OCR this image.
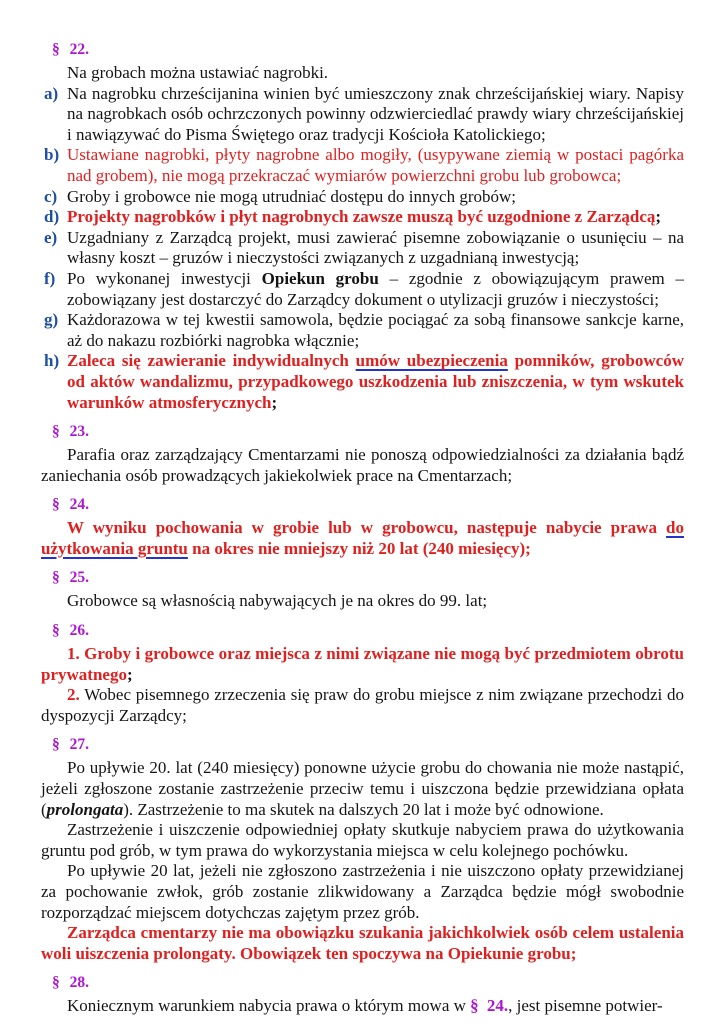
§ 22.

Na grobach można ustawiać nagrobki.

a) Na nagrobku chrześcijanina winien być umieszczony znak chrześcijańskiej wiary. Napisy na nagrobkach osób ochrzczonych powinny odzwierciedlać prawdy wiary chrześcijańskiej i nawiązywać do Pisma Świętego oraz tradycji Kościoła Katolickiego;
b) Ustawiane nagrobki, płyty nagrobne albo mogiły, (usypywane ziemią w postaci pagórka nad grobem), nie mogą przekraczać wymiarów powierzchni grobu lub grobowca;
c) Groby i grobowce nie mogą utrudniać dostępu do innych grobów;
d) Projekty nagrobków i płyt nagrobnych zawsze muszą być uzgodnione z Zarządcą;
e) Uzgadniany z Zarządcą projekt, musi zawierać pisemne zobowiązanie o usunięciu – na własny koszt – gruzów i nieczystości związanych z uzgadnianą inwestycją;
f) Po wykonanej inwestycji Opiekun grobu – zgodnie z obowiązującym prawem – zobowiązany jest dostarczyć do Zarządcy dokument o utylizacji gruzów i nieczystości;
g) Każdorazowa w tej kwestii samowola, będzie pociągać za sobą finansowe sankcje karne, aż do nakazu rozbiórki nagrobka włącznie;
h) Zaleca się zawieranie indywidualnych umów ubezpieczenia pomników, grobowców od aktów wandalizmu, przypadkowego uszkodzenia lub zniszczenia, w tym wskutek warunków atmosferycznych;
§ 23.

Parafia oraz zarządzający Cmentarzami nie ponoszą odpowiedzialności za działania bądź zaniechania osób prowadzących jakiekolwiek prace na Cmentarzach;

§ 24.

W wyniku pochowania w grobie lub w grobowcu, następuje nabycie prawa do użytkowania gruntu na okres nie mniejszy niż 20 lat (240 miesięcy);

§ 25.

Grobowce są własnością nabywających je na okres do 99. lat;

§ 26.

1. Groby i grobowce oraz miejsca z nimi związane nie mogą być przedmiotem obrotu prywatnego;

2. Wobec pisemnego zrzeczenia się praw do grobu miejsce z nim związane przechodzi do dyspozycji Zarządcy;

§ 27.

Po upływie 20. lat (240 miesięcy) ponowne użycie grobu do chowania nie może nastąpić, jeżeli zgłoszone zostanie zastrzeżenie przeciw temu i uiszczona będzie przewidziana opłata (prolongata). Zastrzeżenie to ma skutek na dalszych 20 lat i może być odnowione.

Zastrzeżenie i uiszczenie odpowiedniej opłaty skutkuje nabyciem prawa do użytkowania gruntu pod grób, w tym prawa do wykorzystania miejsca w celu kolejnego pochówku.

Po upływie 20 lat, jeżeli nie zgłoszono zastrzeżenia i nie uiszczono opłaty przewidzianej za pochowanie zwłok, grób zostanie zlikwidowany a Zarządca będzie mógł swobodnie rozporządzać miejscem dotychczas zajętym przez grób.

Zarządca cmentarzy nie ma obowiązku szukania jakichkolwiek osób celem ustalenia woli uiszczenia prolongaty. Obowiązek ten spoczywa na Opiekunie grobu;

§ 28.

Koniecznym warunkiem nabycia prawa o którym mowa w § 24., jest pisemne potwier-
